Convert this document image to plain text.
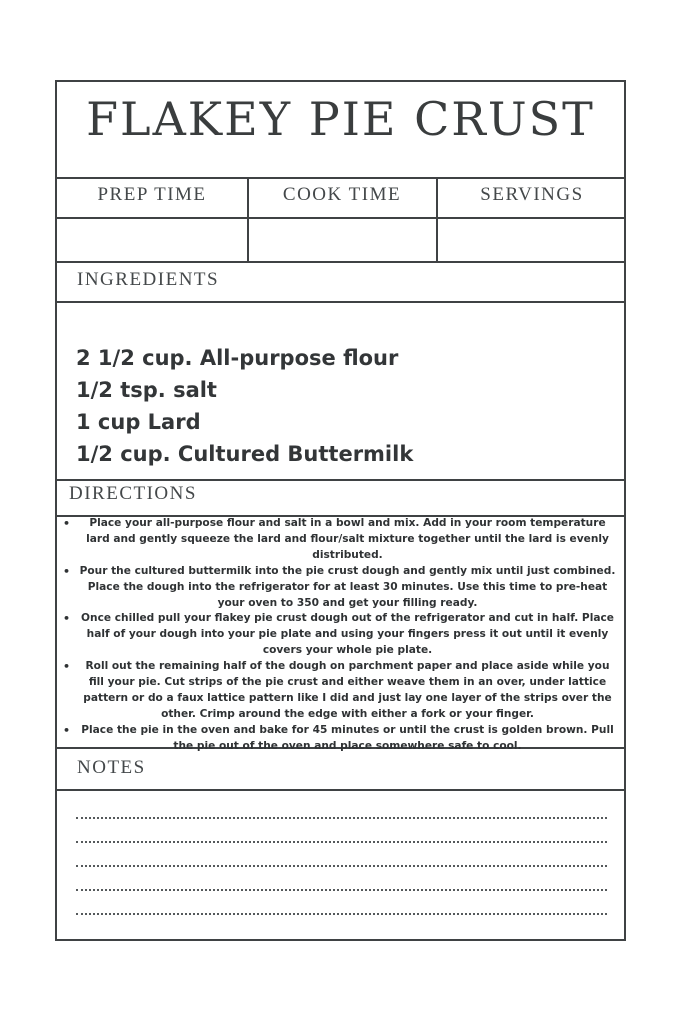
FLAKEY PIE CRUST
PREP TIME	COOK TIME	SERVINGS
INGREDIENTS
2 1/2 cup. All-purpose flour
1/2 tsp. salt
1 cup Lard
1/2 cup. Cultured Buttermilk
DIRECTIONS
• Place your all-purpose flour and salt in a bowl and mix. Add in your room temperature lard and gently squeeze the lard and flour/salt mixture together until the lard is evenly distributed.
• Pour the cultured buttermilk into the pie crust dough and gently mix until just combined. Place the dough into the refrigerator for at least 30 minutes. Use this time to pre-heat your oven to 350 and get your filling ready.
• Once chilled pull your flakey pie crust dough out of the refrigerator and cut in half. Place half of your dough into your pie plate and using your fingers press it out until it evenly covers your whole pie plate.
• Roll out the remaining half of the dough on parchment paper and place aside while you fill your pie. Cut strips of the pie crust and either weave them in an over, under lattice pattern or do a faux lattice pattern like I did and just lay one layer of the strips over the other. Crimp around the edge with either a fork or your finger.
• Place the pie in the oven and bake for 45 minutes or until the crust is golden brown. Pull the pie out of the oven and place somewhere safe to cool.
NOTES
